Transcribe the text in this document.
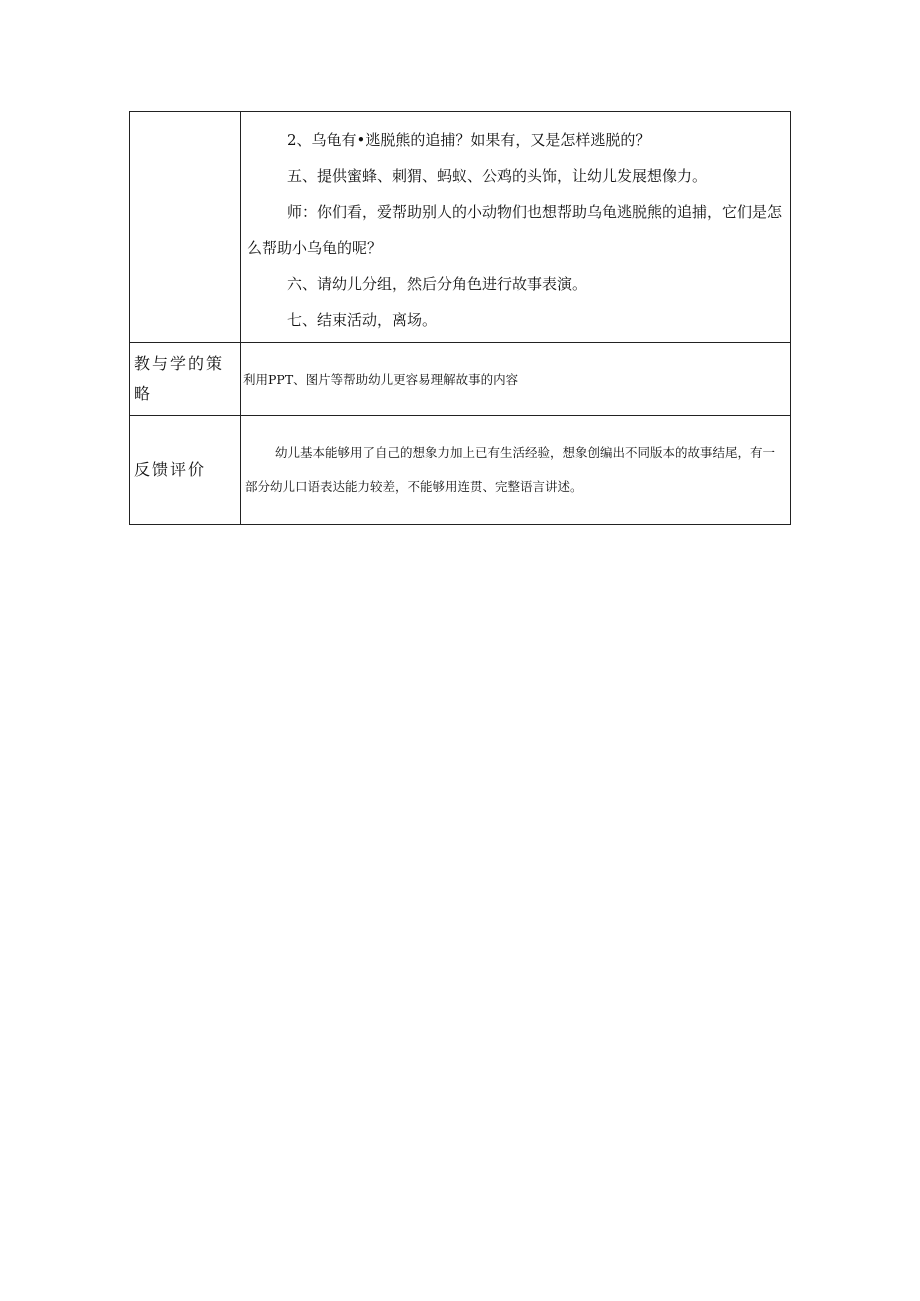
	2、乌龟有•逃脱熊的追捕？如果有，又是怎样逃脱的？

五、提供蜜蜂、刺猬、蚂蚁、公鸡的头饰，让幼儿发展想像力。

师：你们看，爱帮助别人的小动物们也想帮助乌龟逃脱熊的追捕，它们是怎么帮助小乌龟的呢？

六、请幼儿分组，然后分角色进行故事表演。

七、结束活动，离场。

教与学的策略	利用PPT、图片等帮助幼儿更容易理解故事的内容

反馈评价	幼儿基本能够用了自己的想象力加上已有生活经验，想象创编出不同版本的故事结尾，有一部分幼儿口语表达能力较差，不能够用连贯、完整语言讲述。
